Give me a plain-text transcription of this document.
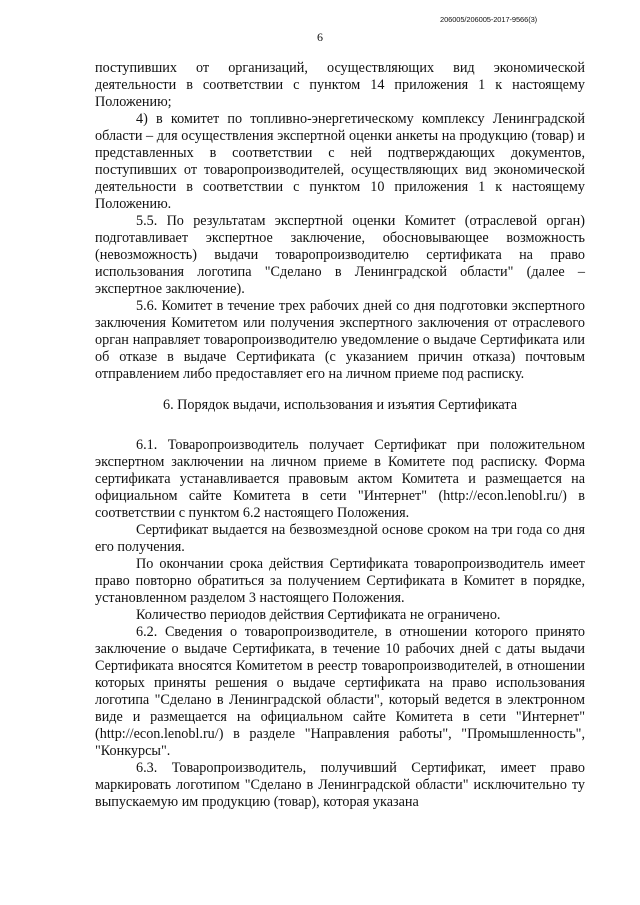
206005/206005-2017-9566(3)
6

поступивших от организаций, осуществляющих вид экономической деятельности в соответствии с пунктом 14 приложения 1 к настоящему Положению;

4) в комитет по топливно-энергетическому комплексу Ленинградской области – для осуществления экспертной оценки анкеты на продукцию (товар) и представленных в соответствии с ней подтверждающих документов, поступивших от товаропроизводителей, осуществляющих вид экономической деятельности в соответствии с пунктом 10 приложения 1 к настоящему Положению.

5.5. По результатам экспертной оценки Комитет (отраслевой орган) подготавливает экспертное заключение, обосновывающее возможность (невозможность) выдачи товаропроизводителю сертификата на право использования логотипа "Сделано в Ленинградской области" (далее – экспертное заключение).

5.6. Комитет в течение трех рабочих дней со дня подготовки экспертного заключения Комитетом или получения экспертного заключения от отраслевого орган направляет товаропроизводителю уведомление о выдаче Сертификата или об отказе в выдаче Сертификата (с указанием причин отказа) почтовым отправлением либо предоставляет его на личном приеме под расписку.

6. Порядок выдачи, использования и изъятия Сертификата

6.1. Товаропроизводитель получает Сертификат при положительном экспертном заключении на личном приеме в Комитете под расписку. Форма сертификата устанавливается правовым актом Комитета и размещается на официальном сайте Комитета в сети "Интернет" (http://econ.lenobl.ru/) в соответствии с пунктом 6.2 настоящего Положения.

Сертификат выдается на безвозмездной основе сроком на три года со дня его получения.

По окончании срока действия Сертификата товаропроизводитель имеет право повторно обратиться за получением Сертификата в Комитет в порядке, установленном разделом 3 настоящего Положения.

Количество периодов действия Сертификата не ограничено.

6.2. Сведения о товаропроизводителе, в отношении которого принято заключение о выдаче Сертификата, в течение 10 рабочих дней с даты выдачи Сертификата вносятся Комитетом в реестр товаропроизводителей, в отношении которых приняты решения о выдаче сертификата на право использования логотипа "Сделано в Ленинградской области", который ведется в электронном виде и размещается на официальном сайте Комитета в сети "Интернет" (http://econ.lenobl.ru/) в разделе "Направления работы", "Промышленность", "Конкурсы".

6.3. Товаропроизводитель, получивший Сертификат, имеет право маркировать логотипом "Сделано в Ленинградской области" исключительно ту выпускаемую им продукцию (товар), которая указана
